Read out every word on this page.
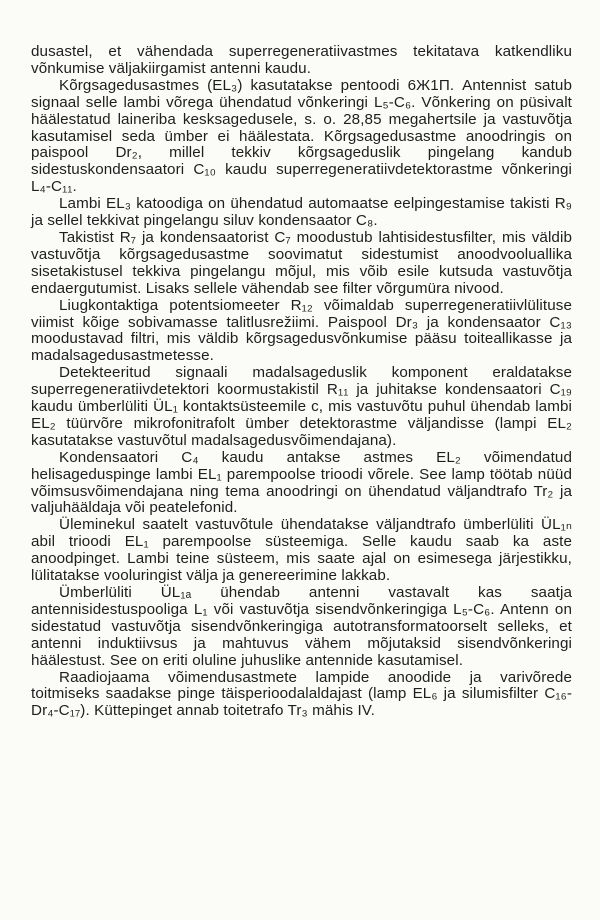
dusastel, et vähendada superregeneratiivastmes tekitatava katkendliku võnkumise väljakiirgamist antenni kaudu.

Kõrgsagedusastmes (EL₃) kasutatakse pentoodi 6Ж1П. Antennist satub signaal selle lambi võrega ühendatud võnkeringi L₅-C₆. Võnkering on püsivalt häälestatud laineriba kesksagedusele, s. o. 28,85 megahertsile ja vastuvõtja kasutamisel seda ümber ei häälestata. Kõrgsagedusastme anoodringis on paispool Dr₂, millel tekkiv kõrgsageduslik pingelang kandub sidestuskondensaatori C₁₀ kaudu superregeneratiivdetektorastme võnkeringi L₄-C₁₁.

Lambi EL₃ katoodiga on ühendatud automaatse eelpingestamise takisti R₉ ja sellel tekkivat pingelangu siluv kondensaator C₈.

Takistist R₇ ja kondensaatorist C₇ moodustub lahtisidestusfilter, mis väldib vastuvõtja kõrgsagedusastme soovimatut sidestumist anoodvooluallika sisetakistusel tekkiva pingelangu mõjul, mis võib esile kutsuda vastuvõtja endaergutumist. Lisaks sellele vähendab see filter võrgumüra nivood.

Liugkontaktiga potentsiomeeter R₁₂ võimaldab superregeneratiivlülituse viimist kõige sobivamasse talitlusrežiimi. Paispool Dr₃ ja kondensaator C₁₃ moodustavad filtri, mis väldib kõrgsagedusvõnkumise pääsu toiteallikasse ja madalsagedusastmetesse.

Detekteeritud signaali madalsageduslik komponent eraldatakse superregeneratiivdetektori koormustakistil R₁₁ ja juhitakse kondensaatori C₁₉ kaudu ümberlüliti ÜL₁ kontaktsüsteemile c, mis vastuvõtu puhul ühendab lambi EL₂ tüürvõre mikrofonitrafolt ümber detektorastme väljandisse (lampi EL₂ kasutatakse vastuvõtul madalsagedusvõimendajana).

Kondensaatori C₄ kaudu antakse astmes EL₂ võimendatud helisageduspinge lambi EL₁ parempoolse trioodi võrele. See lamp töötab nüüd võimsusvõimendajana ning tema anoodringi on ühendatud väljandtrafo Tr₂ ja valjuhääldaja või peatelefonid.

Üleminekul saatelt vastuvõtule ühendatakse väljandtrafo ümberlüliti ÜL₁ₙ abil trioodi EL₁ parempoolse süsteemiga. Selle kaudu saab ka aste anoodpinget. Lambi teine süsteem, mis saate ajal on esimesega järjestikku, lülitatakse vooluringist välja ja genereerimine lakkab.

Ümberlüliti ÜL₁ₐ ühendab antenni vastavalt kas saatja antennisidestuspooliga L₁ või vastuvõtja sisendvõnkeringiga L₅-C₆. Antenn on sidestatud vastuvõtja sisendvõnkeringiga autotransformatoorselt selleks, et antenni induktiivsus ja mahtuvus vähem mõjutaksid sisendvõnkeringi häälestust. See on eriti oluline juhuslike antennide kasutamisel.

Raadiojaama võimendusastmete lampide anoodide ja varivõrede toitmiseks saadakse pinge täisperioodalaldajast (lamp EL₆ ja silumisfilter C₁₆-Dr₄-C₁₇). Küttepinget annab toitetrafo Tr₃ mähis IV.
